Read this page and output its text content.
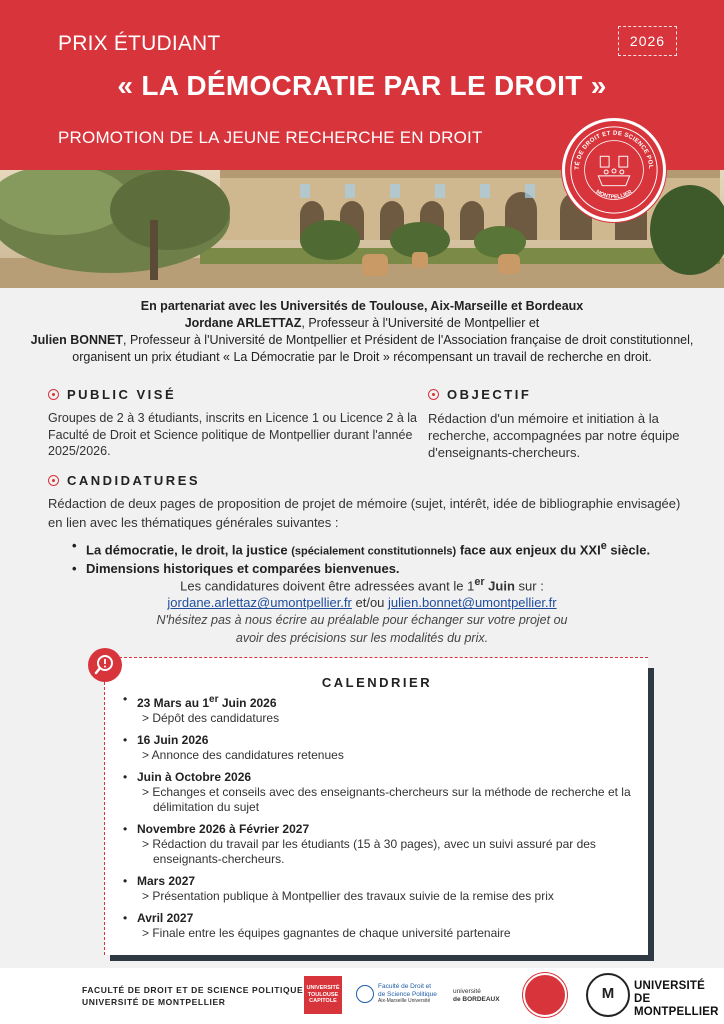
PRIX ÉTUDIANT	2026
« LA DÉMOCRATIE PAR LE DROIT »
PROMOTION DE LA JEUNE RECHERCHE EN DROIT
TÉ DE DROIT ET DE SCIENCE POL
MONTPELLIER
En partenariat avec les Universités de Toulouse, Aix-Marseille et Bordeaux
Jordane ARLETTAZ, Professeur à l'Université de Montpellier et
Julien BONNET, Professeur à l'Université de Montpellier et Président de l'Association française de droit constitutionnel,
organisent un prix étudiant « La Démocratie par le Droit » récompensant un travail de recherche en droit.
PUBLIC VISÉ

Groupes de 2 à 3 étudiants, inscrits en Licence 1 ou Licence 2 à la Faculté de Droit et Science politique de Montpellier durant l'année 2025/2026.

OBJECTIF

Rédaction d'un mémoire et initiation à la recherche, accompagnées par notre équipe d'enseignants-chercheurs.

CANDIDATURES

Rédaction de deux pages de proposition de projet de mémoire (sujet, intérêt, idée de bibliographie envisagée) en lien avec les thématiques générales suivantes :

• La démocratie, le droit, la justice (spécialement constitutionnels) face aux enjeux du XXIe siècle.
• Dimensions historiques et comparées bienvenues.
Les candidatures doivent être adressées avant le 1er Juin sur :
jordane.arlettaz@umontpellier.fr et/ou julien.bonnet@umontpellier.fr
N'hésitez pas à nous écrire au préalable pour échanger sur votre projet ou
avoir des précisions sur les modalités du prix.
CALENDRIER
• 23 Mars au 1er Juin 2026
> Dépôt des candidatures
• 16 Juin 2026
> Annonce des candidatures retenues
• Juin à Octobre 2026
> Echanges et conseils avec des enseignants-chercheurs sur la méthode de recherche et la délimitation du sujet
• Novembre 2026 à Février 2027
> Rédaction du travail par les étudiants (15 à 30 pages), avec un suivi assuré par des enseignants-chercheurs.
• Mars 2027
> Présentation publique à Montpellier des travaux suivie de la remise des prix
• Avril 2027
> Finale entre les équipes gagnantes de chaque université partenaire
FACULTÉ DE DROIT ET DE SCIENCE POLITIQUE
UNIVERSITÉ DE MONTPELLIER
UNIVERSITÉ
TOULOUSE
CAPITOLE
Faculté de Droit et
de Science Politique
Aix-Marseille Université
université
de BORDEAUX
M
UNIVERSITÉ DE
MONTPELLIER
